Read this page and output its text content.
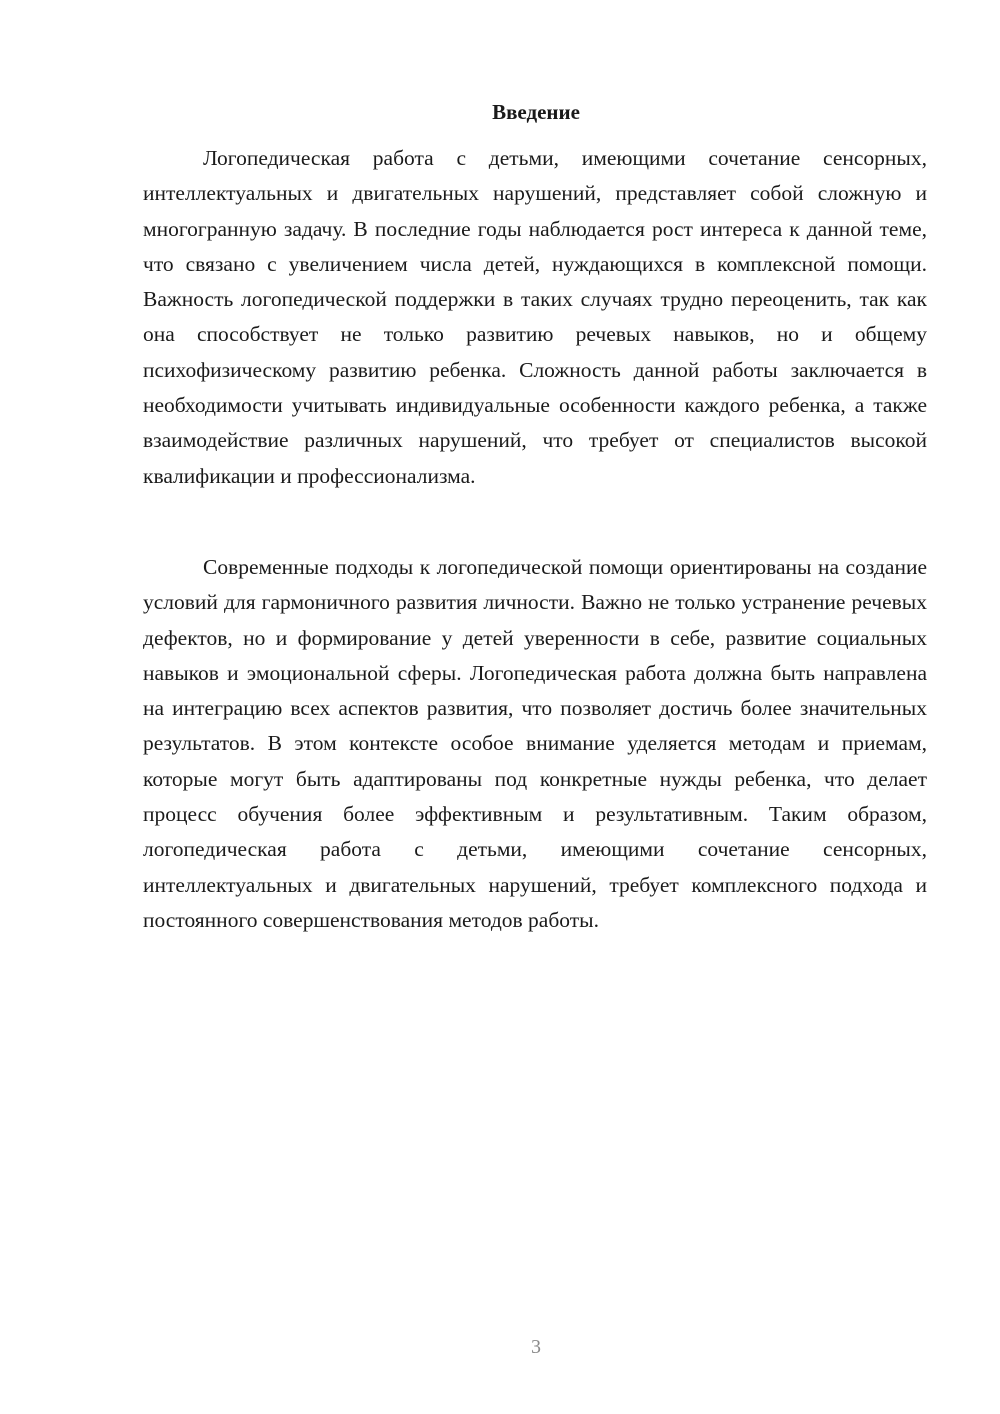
Введение

Логопедическая работа с детьми, имеющими сочетание сенсорных, интеллектуальных и двигательных нарушений, представляет собой сложную и многогранную задачу. В последние годы наблюдается рост интереса к данной теме, что связано с увеличением числа детей, нуждающихся в комплексной помощи. Важность логопедической поддержки в таких случаях трудно переоценить, так как она способствует не только развитию речевых навыков, но и общему психофизическому развитию ребенка. Сложность данной работы заключается в необходимости учитывать индивидуальные особенности каждого ребенка, а также взаимодействие различных нарушений, что требует от специалистов высокой квалификации и профессионализма.

Современные подходы к логопедической помощи ориентированы на создание условий для гармоничного развития личности. Важно не только устранение речевых дефектов, но и формирование у детей уверенности в себе, развитие социальных навыков и эмоциональной сферы. Логопедическая работа должна быть направлена на интеграцию всех аспектов развития, что позволяет достичь более значительных результатов. В этом контексте особое внимание уделяется методам и приемам, которые могут быть адаптированы под конкретные нужды ребенка, что делает процесс обучения более эффективным и результативным. Таким образом, логопедическая работа с детьми, имеющими сочетание сенсорных, интеллектуальных и двигательных нарушений, требует комплексного подхода и постоянного совершенствования методов работы.

3
